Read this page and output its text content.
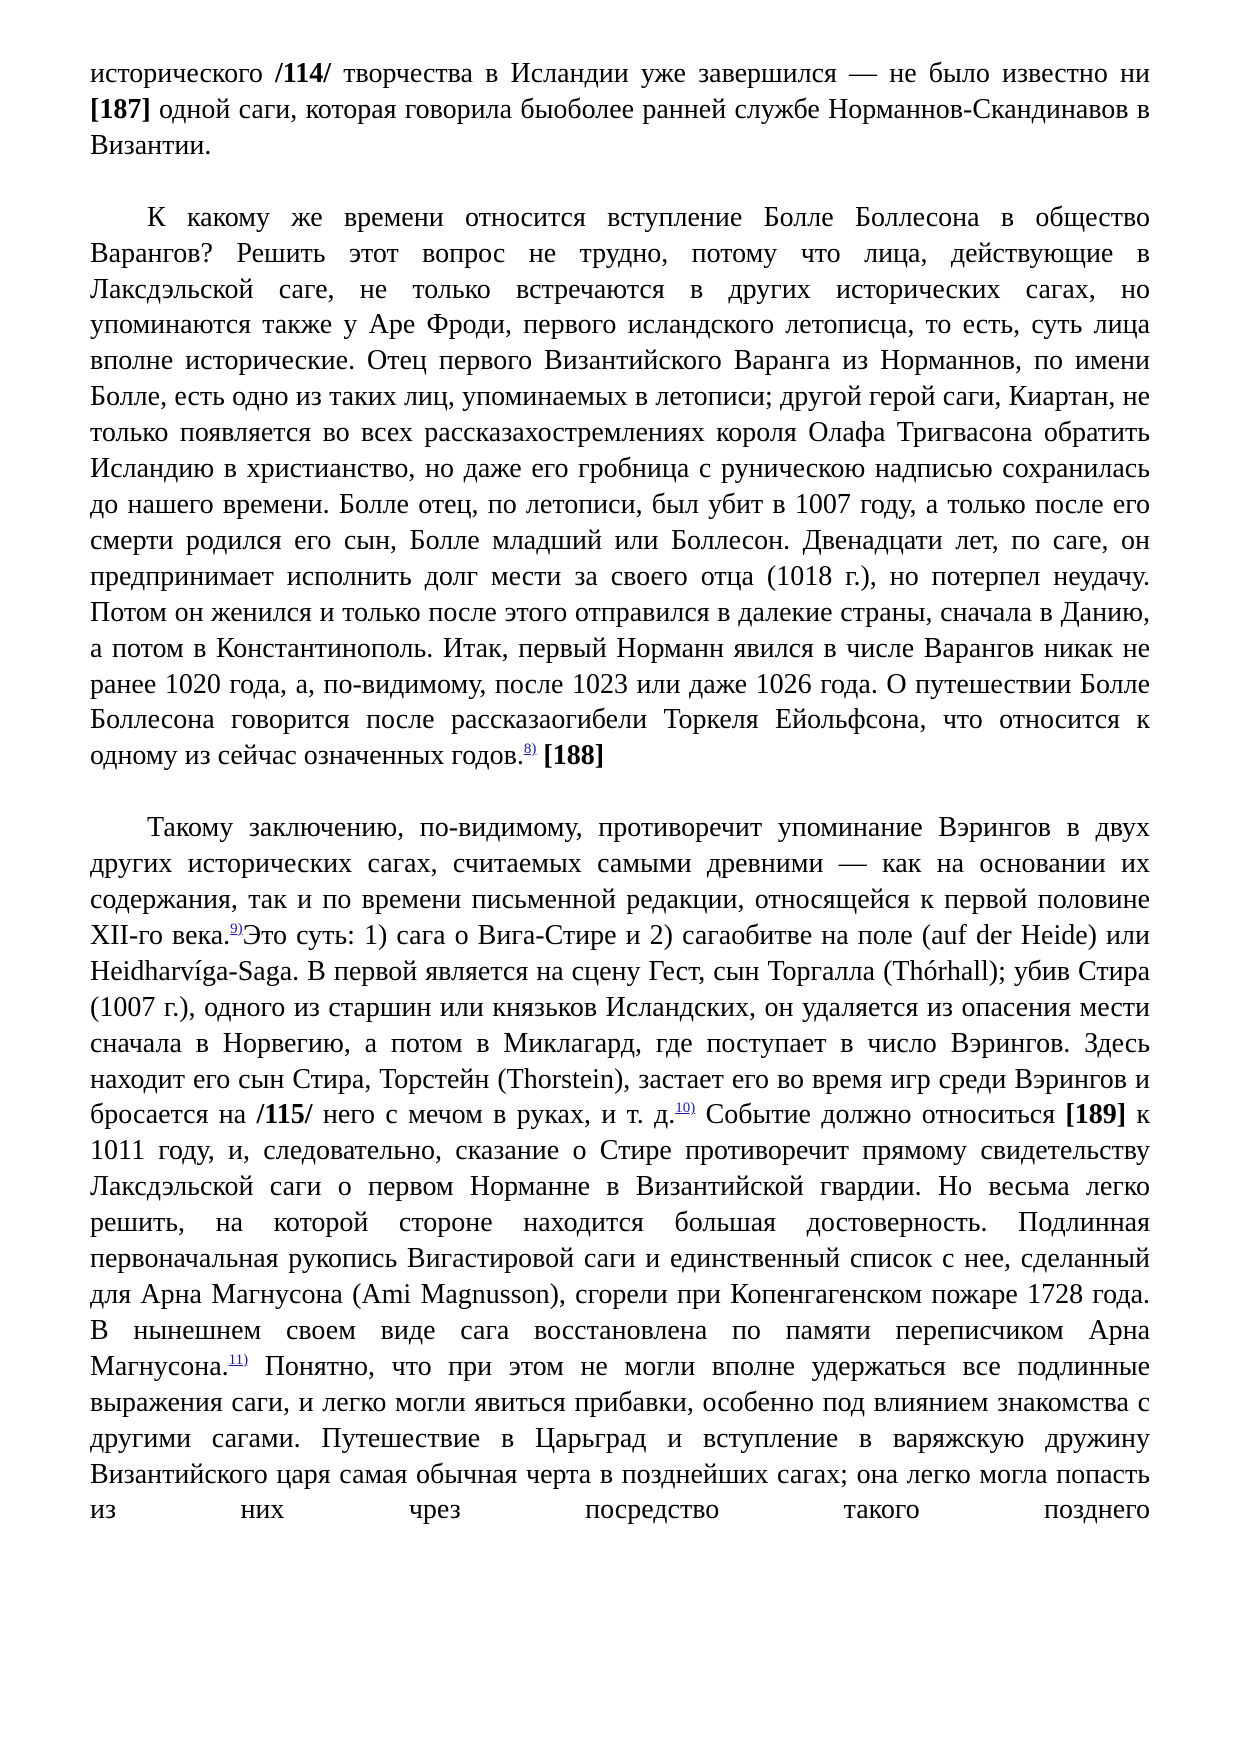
исторического /114/ творчества в Исландии уже завершился — не было известно ни [187] одной саги, которая говорила быоболее ранней службе Норманнов-Скандинавов в Византии.

К какому же времени относится вступление Болле Боллесона в общество Варангов? Решить этот вопрос не трудно, потому что лица, действующие в Лаксдэльской саге, не только встречаются в других исторических сагах, но упоминаются также у Аре Фроди, первого исландского летописца, то есть, суть лица вполне исторические. Отец первого Византийского Варанга из Норманнов, по имени Болле, есть одно из таких лиц, упоминаемых в летописи; другой герой саги, Киартан, не только появляется во всех рассказахостремлениях короля Олафа Тригвасона обратить Исландию в христианство, но даже его гробница с руническою надписью сохранилась до нашего времени. Болле отец, по летописи, был убит в 1007 году, а только после его смерти родился его сын, Болле младший или Боллесон. Двенадцати лет, по саге, он предпринимает исполнить долг мести за своего отца (1018 г.), но потерпел неудачу. Потом он женился и только после этого отправился в далекие страны, сначала в Данию, а потом в Константинополь. Итак, первый Норманн явился в числе Варангов никак не ранее 1020 года, а, по-видимому, после 1023 или даже 1026 года. О путешествии Болле Боллесона говорится после рассказаогибели Торкеля Ейольфсона, что относится к одному из сейчас означенных годов.$^{8)}$ [188]

Такому заключению, по-видимому, противоречит упоминание Вэрингов в двух других исторических сагах, считаемых самыми древними — как на основании их содержания, так и по времени письменной редакции, относящейся к первой половине XII-го века.$^{9)}$Это суть: 1) сага о Вига-Стире и 2) сагаобитве на поле (auf der Heide) или Heidharvíga-Saga. В первой является на сцену Гест, сын Торгалла (Thórhall); убив Стира (1007 г.), одного из старшин или князьков Исландских, он удаляется из опасения мести сначала в Норвегию, а потом в Миклагард, где поступает в число Вэрингов. Здесь находит его сын Стира, Торстейн (Thorstein), застает его во время игр среди Вэрингов и бросается на /115/ него с мечом в руках, и т. д.$^{10)}$ Событие должно относиться [189] к 1011 году, и, следовательно, сказание о Стире противоречит прямому свидетельству Лаксдэльской саги о первом Норманне в Византийской гвардии. Но весьма легко решить, на которой стороне находится большая достоверность. Подлинная первоначальная рукопись Вигастировой саги и единственный список с нее, сделанный для Арна Магнусона (Ami Magnusson), сгорели при Копенгагенском пожаре 1728 года. В нынешнем своем виде сага восстановлена по памяти переписчиком Арна Магнусона.$^{11)}$ Понятно, что при этом не могли вполне удержаться все подлинные выражения саги, и легко могли явиться прибавки, особенно под влиянием знакомства с другими сагами. Путешествие в Царьград и вступление в варяжскую дружину Византийского царя самая обычная черта в позднейших сагах; она легко могла попасть из них чрез посредство такого позднего
